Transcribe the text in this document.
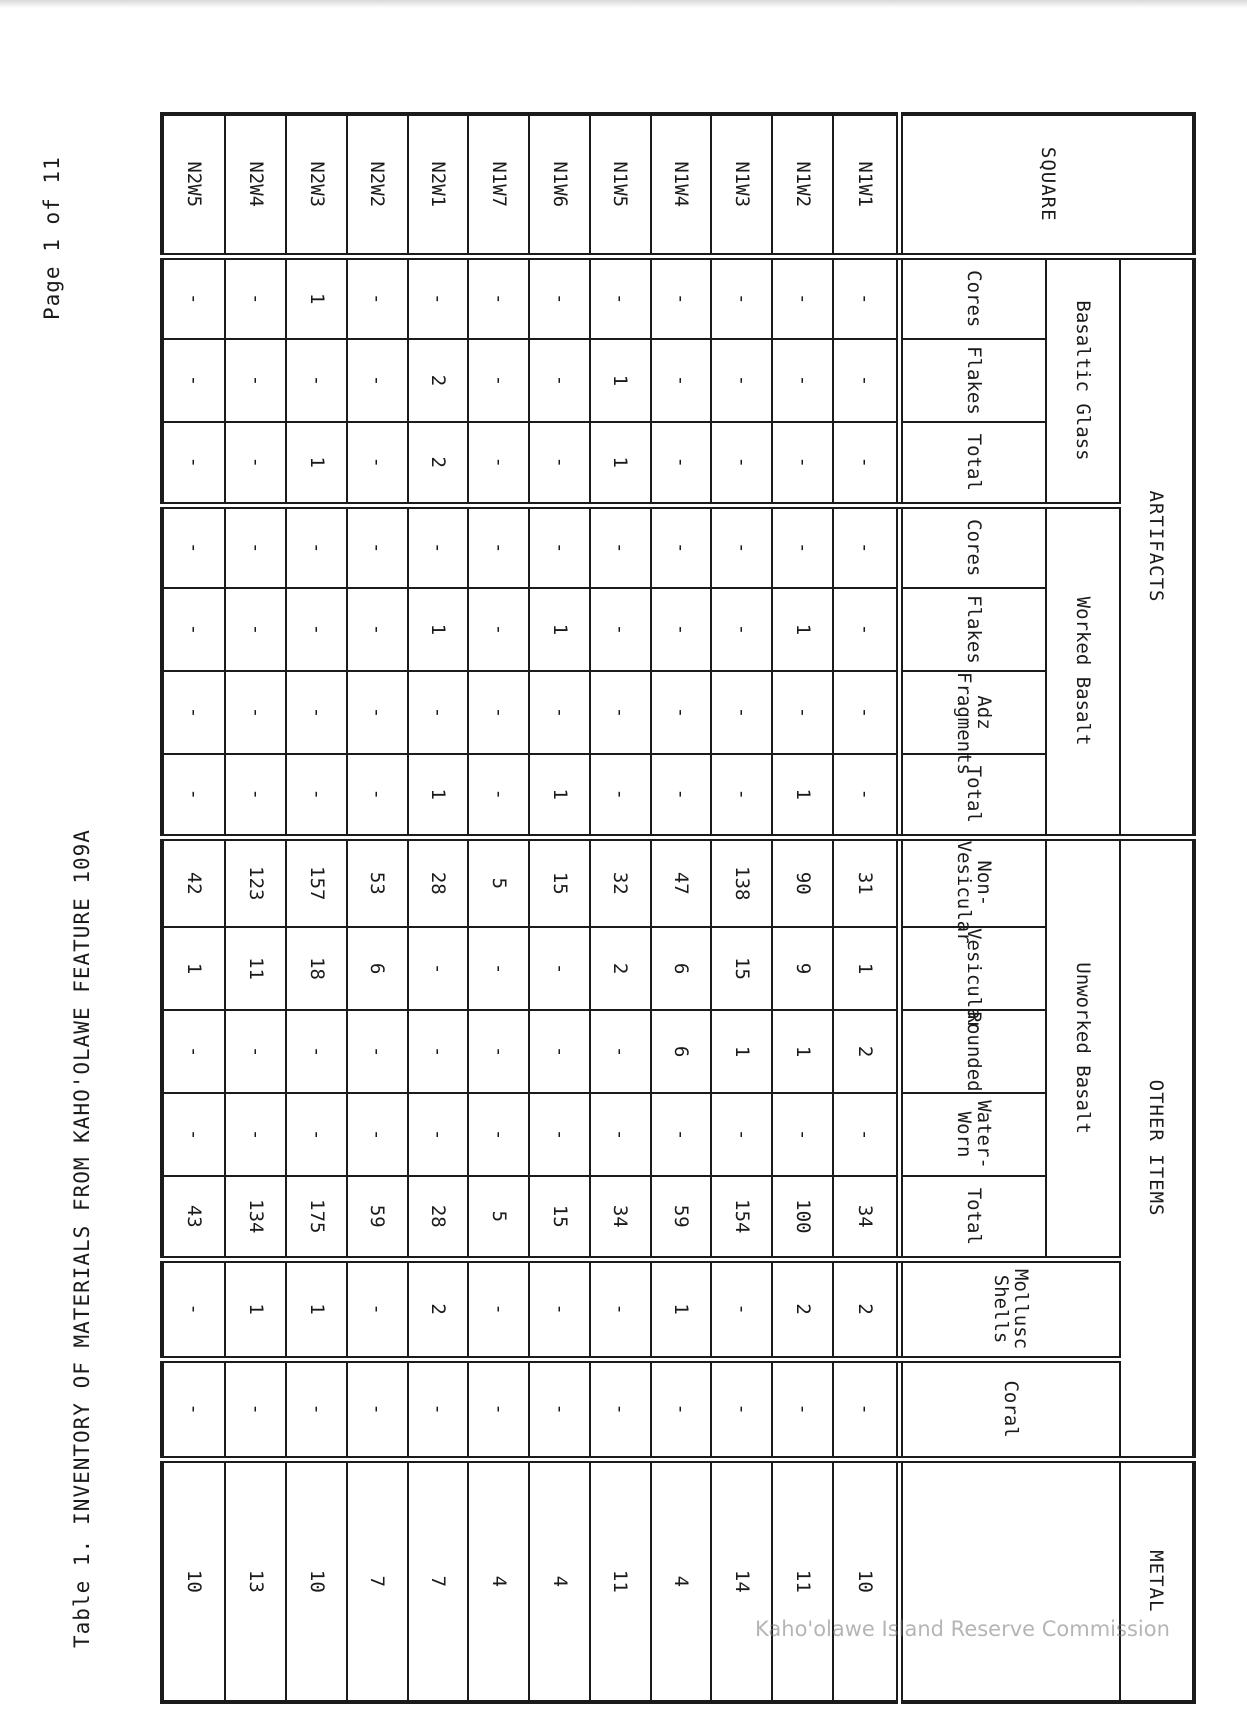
Page 1 of 11
Table 1.INVENTORY OF MATERIALS FROM KAHO'OLAWE FEATURE 109A
SQUARE	ARTIFACTS							OTHER ITEMS							METAL
	Basaltic Glass			Worked Basalt				Unworked Basalt					Mollusc Shells	Coral	
	Cores	Flakes	Total	Cores	Flakes	Adz Fragments	Total	Non- Vesicular	Vesicular	Rounded	Water- Worn	Total			
N1W1	-	-	-	-	-	-	-	31	1	2	-	34	2	-	10
N1W2	-	-	-	-	1	-	1	90	9	1	-	100	2	-	11
N1W3	-	-	-	-	-	-	-	138	15	1	-	154	-	-	14
N1W4	-	-	-	-	-	-	-	47	6	6	-	59	1	-	4
N1W5	-	1	1	-	-	-	-	32	2	-	-	34	-	-	11
N1W6	-	-	-	-	1	-	1	15	-	-	-	15	-	-	4
N1W7	-	-	-	-	-	-	-	5	-	-	-	5	-	-	4
N2W1	-	2	2	-	1	-	1	28	-	-	-	28	2	-	7
N2W2	-	-	-	-	-	-	-	53	6	-	-	59	-	-	7
N2W3	1	-	1	-	-	-	-	157	18	-	-	175	1	-	10
N2W4	-	-	-	-	-	-	-	123	11	-	-	134	1	-	13
N2W5	-	-	-	-	-	-	-	42	1	-	-	43	-	-	10
Kaho'olawe Island Reserve Commission
